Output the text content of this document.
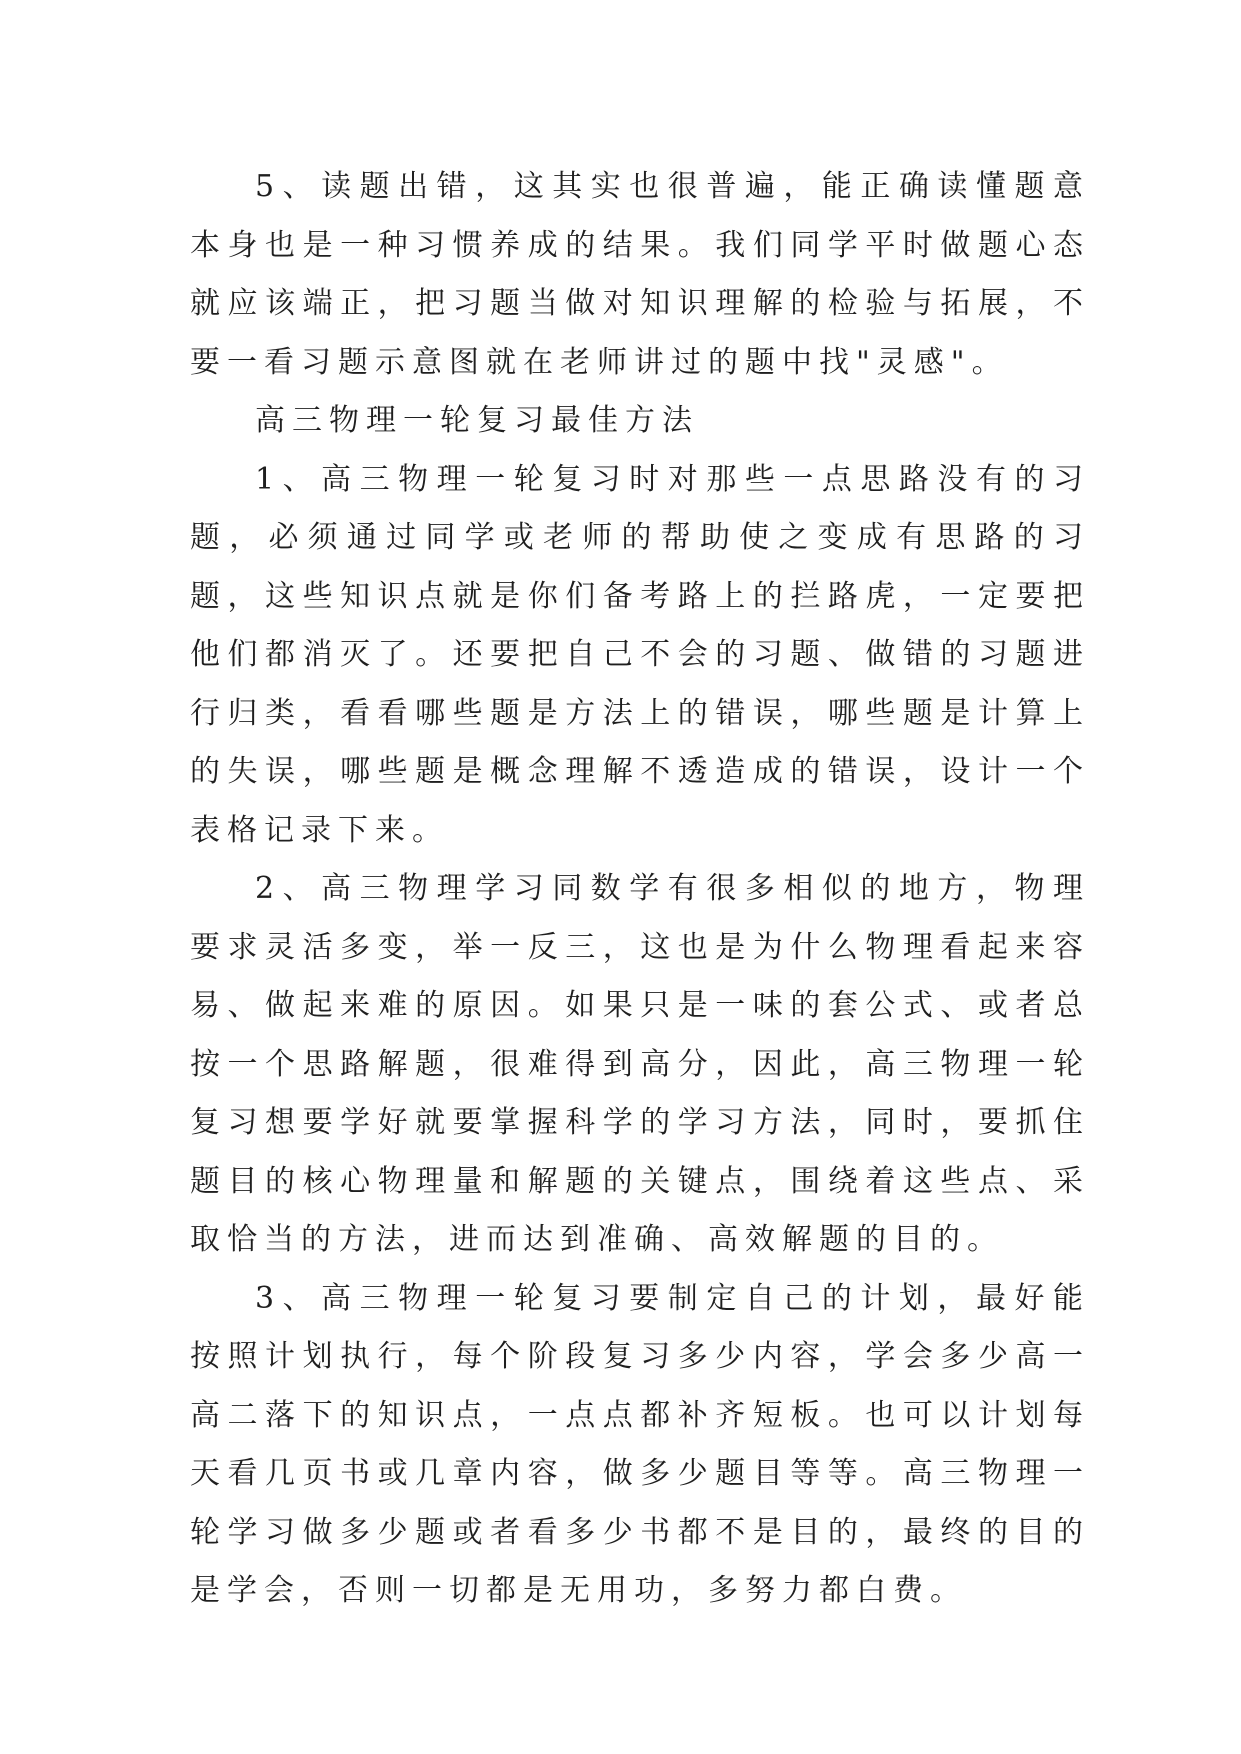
5、读题出错，这其实也很普遍，能正确读懂题意本身也是一种习惯养成的结果。我们同学平时做题心态就应该端正，把习题当做对知识理解的检验与拓展，不要一看习题示意图就在老师讲过的题中找"灵感"。

高三物理一轮复习最佳方法

1、高三物理一轮复习时对那些一点思路没有的习题，必须通过同学或老师的帮助使之变成有思路的习题，这些知识点就是你们备考路上的拦路虎，一定要把他们都消灭了。还要把自己不会的习题、做错的习题进行归类，看看哪些题是方法上的错误，哪些题是计算上的失误，哪些题是概念理解不透造成的错误，设计一个表格记录下来。

2、高三物理学习同数学有很多相似的地方，物理要求灵活多变，举一反三，这也是为什么物理看起来容易、做起来难的原因。如果只是一味的套公式、或者总按一个思路解题，很难得到高分，因此，高三物理一轮复习想要学好就要掌握科学的学习方法，同时，要抓住题目的核心物理量和解题的关键点，围绕着这些点、采取恰当的方法，进而达到准确、高效解题的目的。

3、高三物理一轮复习要制定自己的计划，最好能按照计划执行，每个阶段复习多少内容，学会多少高一高二落下的知识点，一点点都补齐短板。也可以计划每天看几页书或几章内容，做多少题目等等。高三物理一轮学习做多少题或者看多少书都不是目的，最终的目的是学会，否则一切都是无用功，多努力都白费。
